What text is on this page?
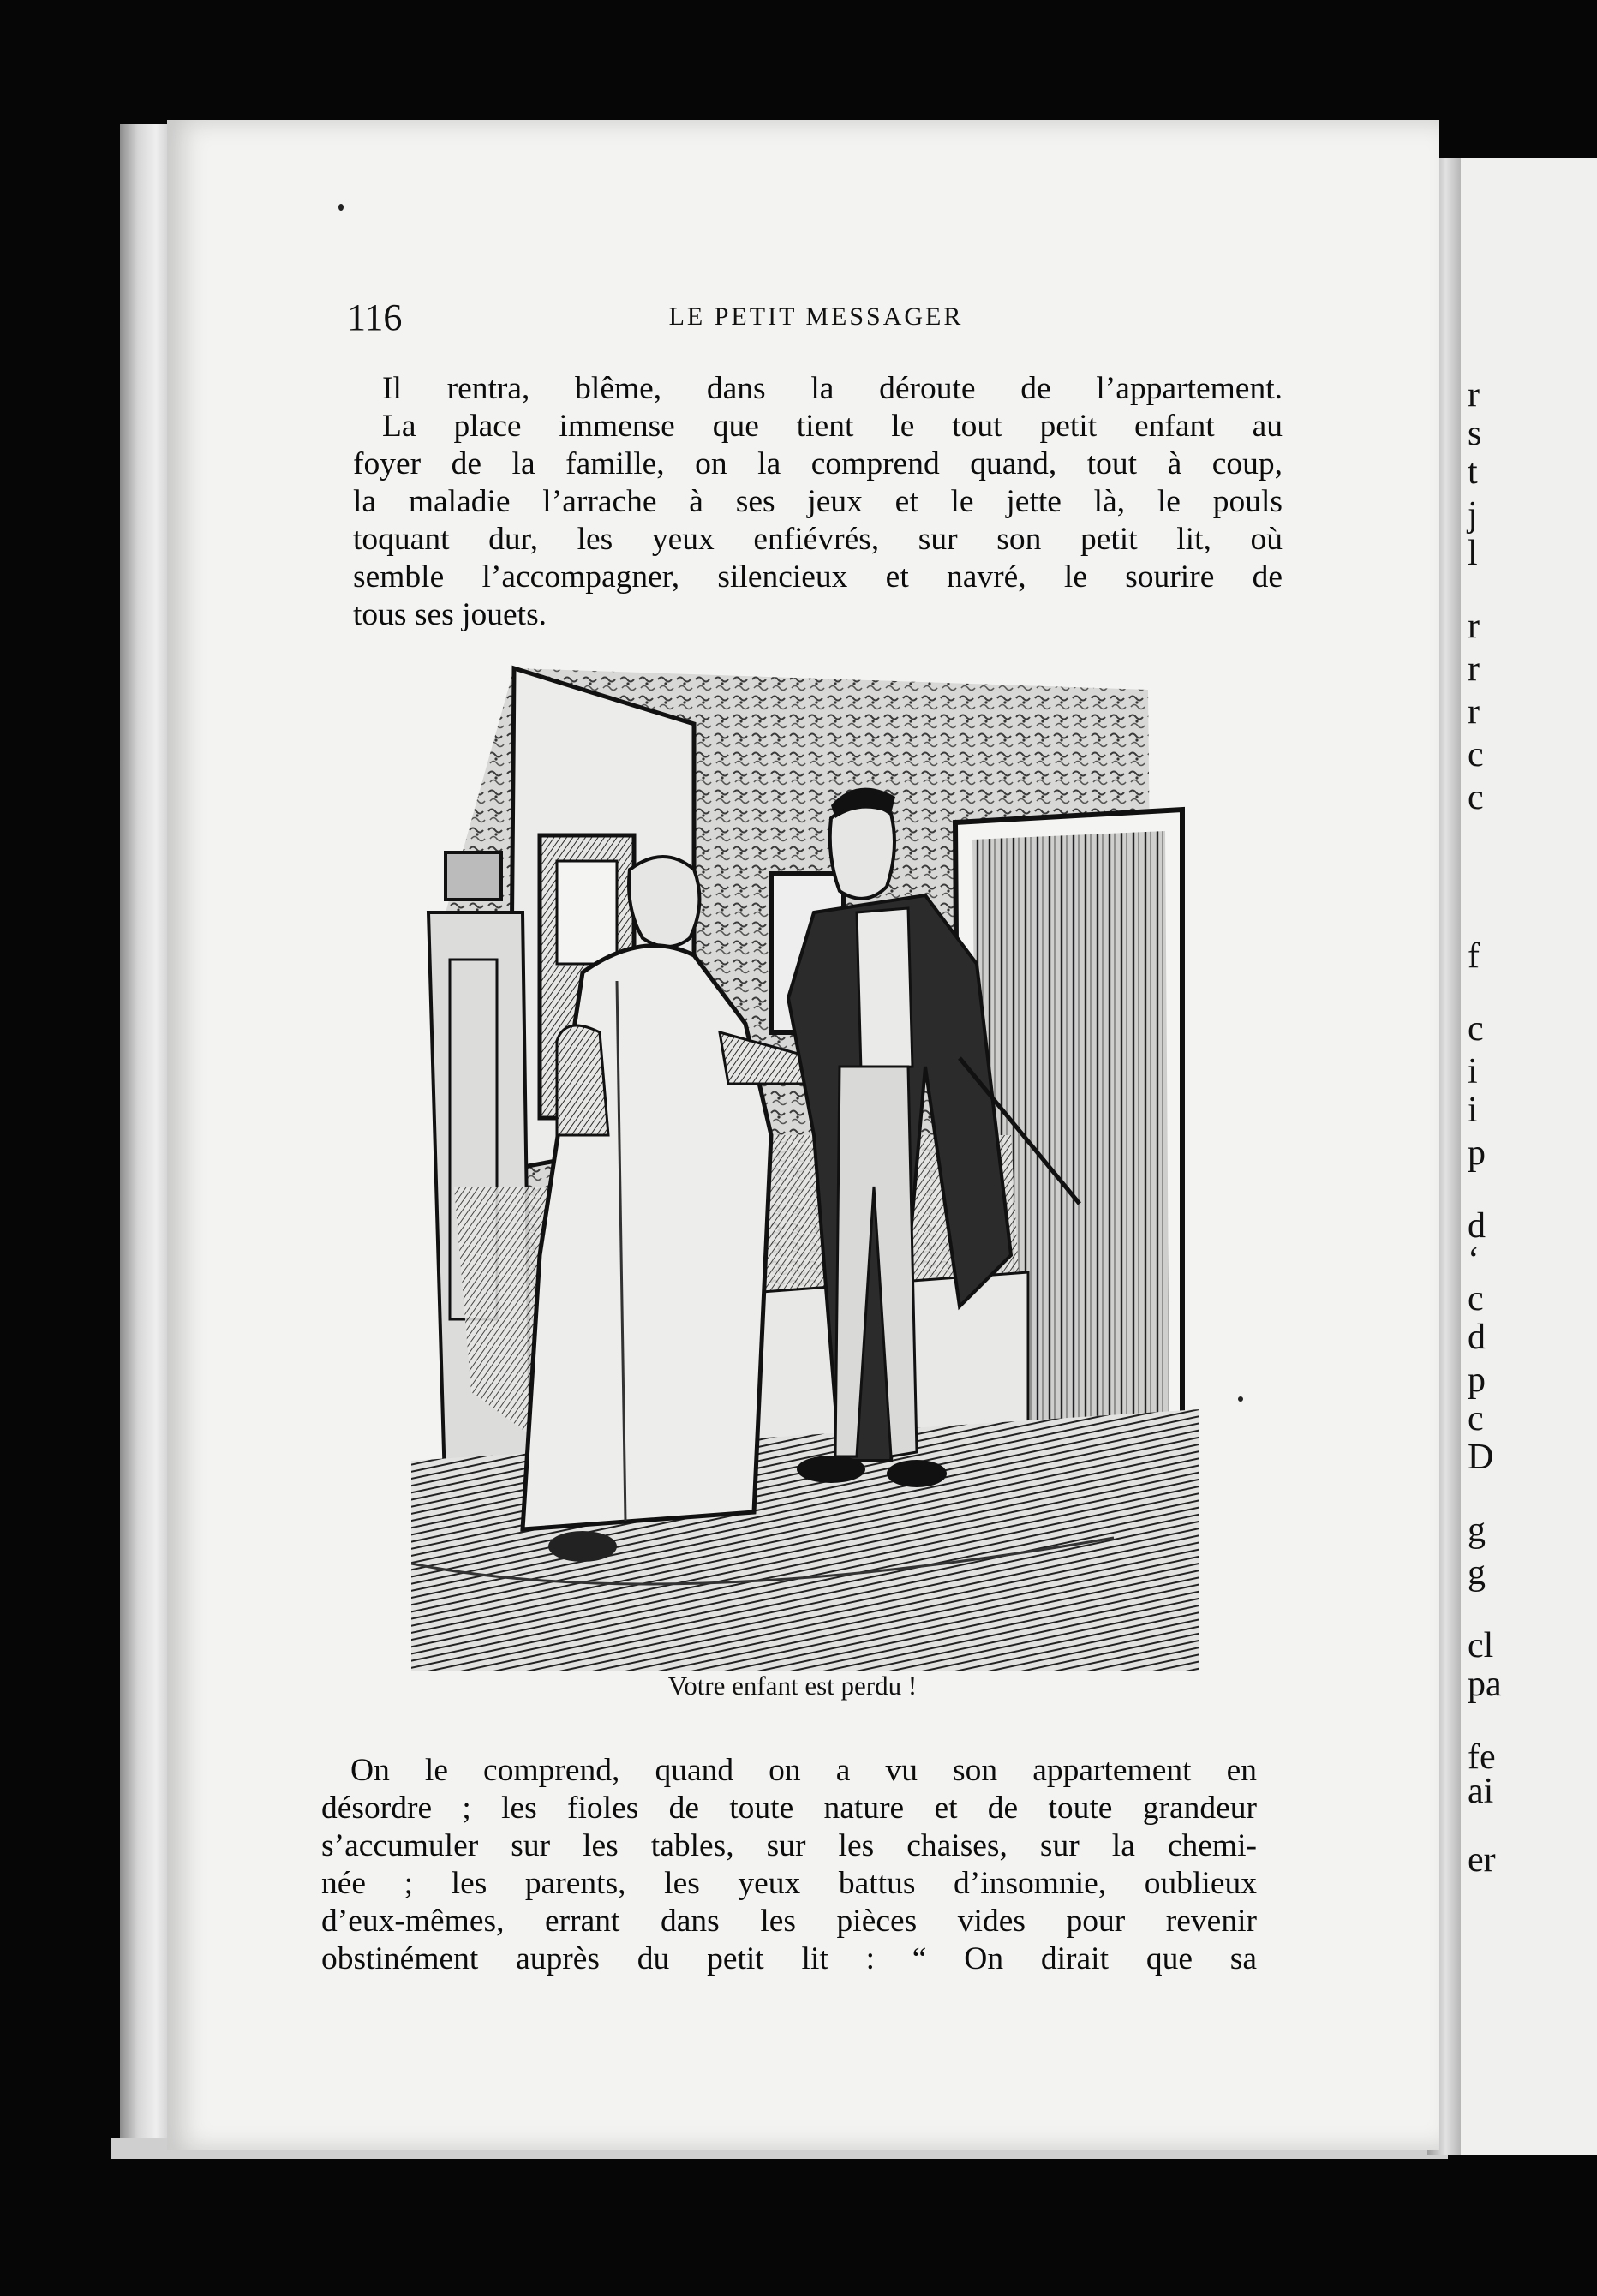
r
s
t
j
l
r
r
r
c
c
f
c
i
i
p
d
‘
c
d
p
c
D
g
g
cl
pa
fe
ai
er
116	LE PETIT MESSAGER
Il rentra, blême, dans la déroute de l’appartement.
La place immense que tient le tout petit enfant au
foyer de la famille, on la comprend quand, tout à coup,
la maladie l’arrache à ses jeux et le jette là, le pouls
toquant dur, les yeux enfiévrés, sur son petit lit, où
semble l’accompagner, silencieux et navré, le sourire de
tous ses jouets.
Votre enfant est perdu !
On le comprend, quand on a vu son appartement en
désordre ; les fioles de toute nature et de toute grandeur
s’accumuler sur les tables, sur les chaises, sur la chemi-
née ; les parents, les yeux battus d’insomnie, oublieux
d’eux-mêmes, errant dans les pièces vides pour revenir
obstinément auprès du petit lit : “ On dirait que sa
